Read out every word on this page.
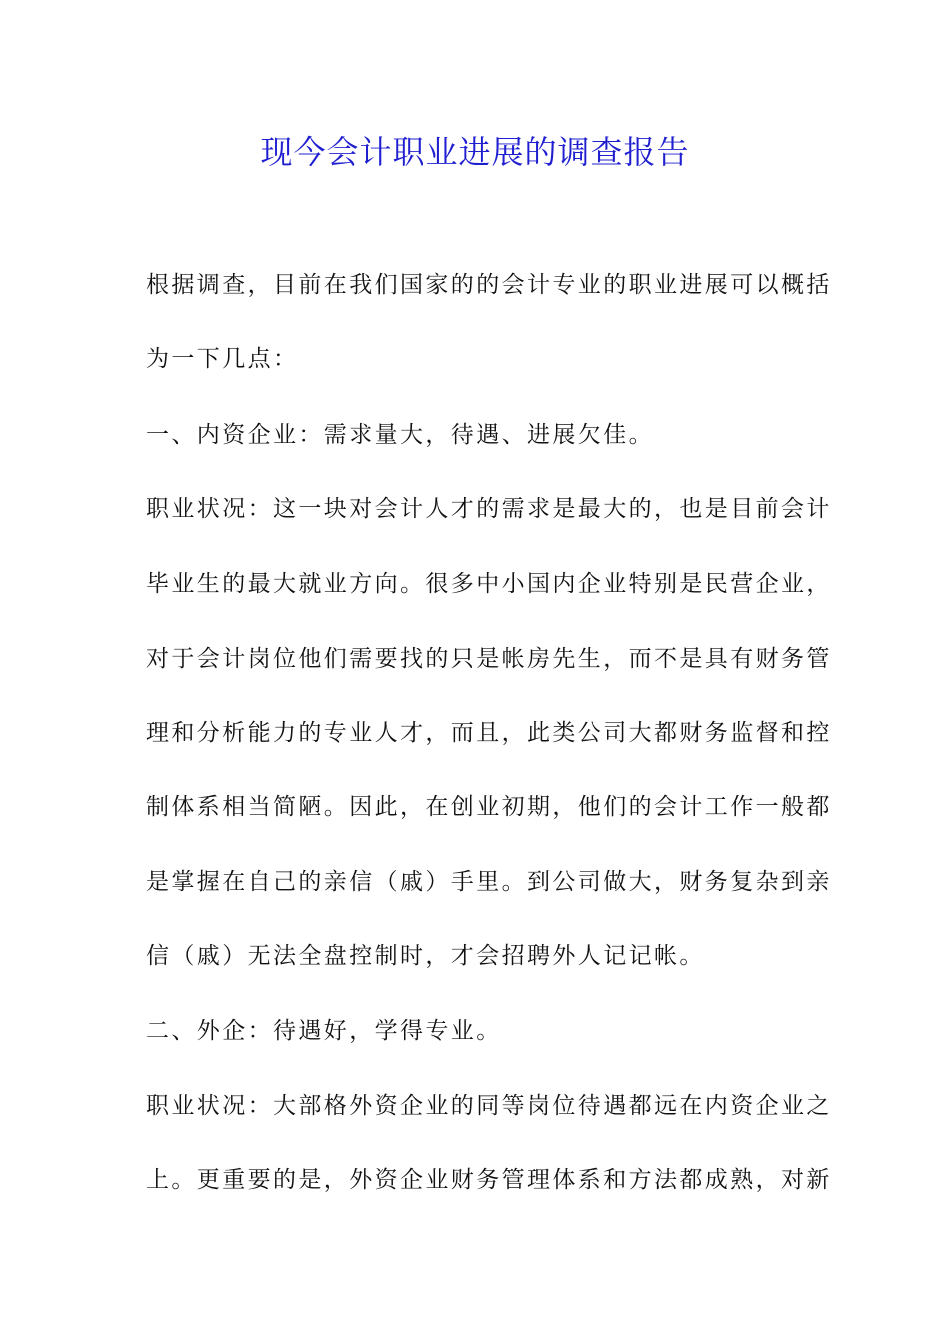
现今会计职业进展的调查报告
根据调查，目前在我们国家的的会计专业的职业进展可以概括
为一下几点：
一、内资企业：需求量大，待遇、进展欠佳。
职业状况：这一块对会计人才的需求是最大的，也是目前会计
毕业生的最大就业方向。很多中小国内企业特别是民营企业，
对于会计岗位他们需要找的只是帐房先生，而不是具有财务管
理和分析能力的专业人才，而且，此类公司大都财务监督和控
制体系相当简陋。因此，在创业初期，他们的会计工作一般都
是掌握在自己的亲信（戚）手里。到公司做大，财务复杂到亲
信（戚）无法全盘控制时，才会招聘外人记记帐。
二、外企：待遇好，学得专业。
职业状况：大部格外资企业的同等岗位待遇都远在内资企业之
上。更重要的是，外资企业财务管理体系和方法都成熟，对新
